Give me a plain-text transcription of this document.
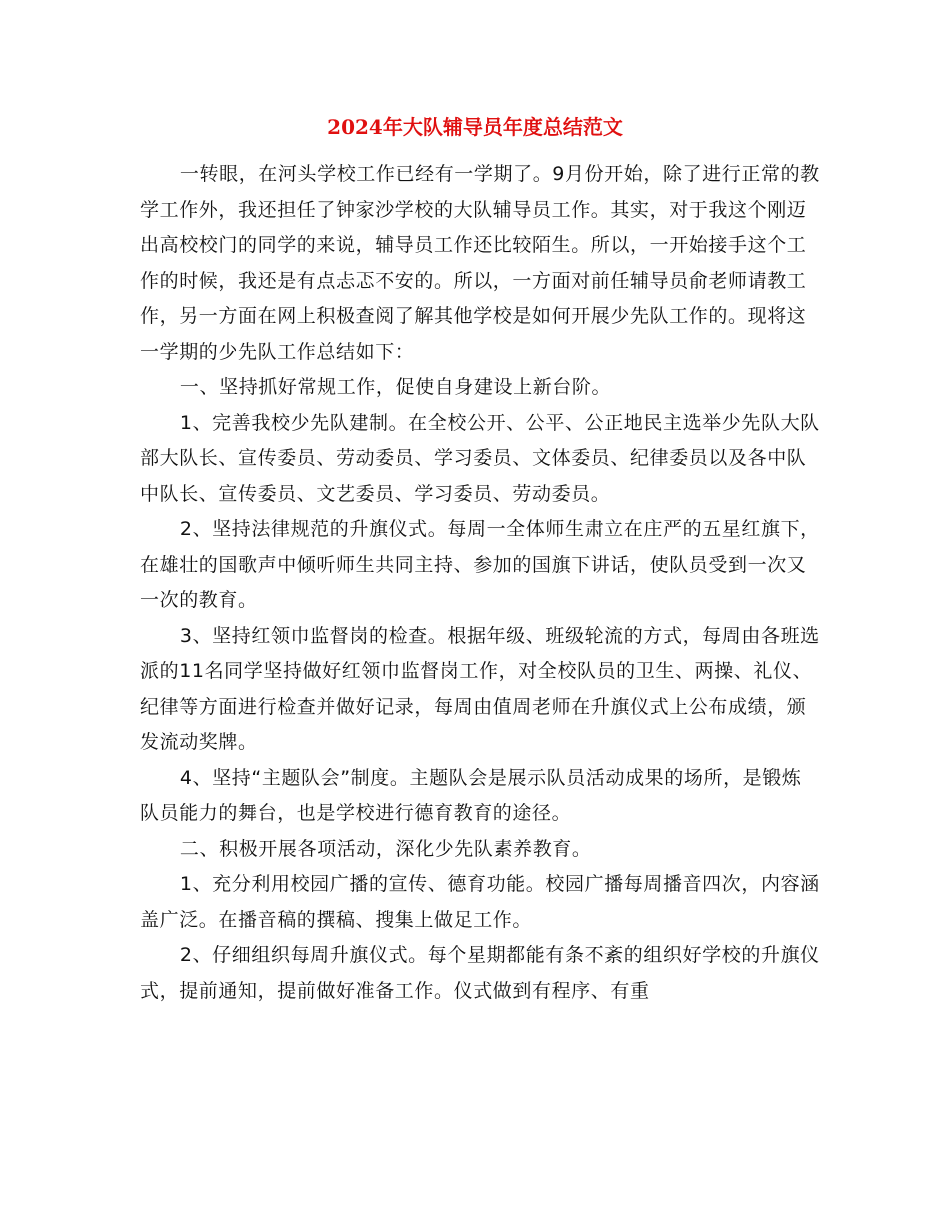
2024年大队辅导员年度总结范文

一转眼，在河头学校工作已经有一学期了。9月份开始，除了进行正常的教学工作外，我还担任了钟家沙学校的大队辅导员工作。其实，对于我这个刚迈出高校校门的同学的来说，辅导员工作还比较陌生。所以，一开始接手这个工作的时候，我还是有点忐忑不安的。所以，一方面对前任辅导员俞老师请教工作，另一方面在网上积极查阅了解其他学校是如何开展少先队工作的。现将这一学期的少先队工作总结如下：

一、坚持抓好常规工作，促使自身建设上新台阶。

1、完善我校少先队建制。在全校公开、公平、公正地民主选举少先队大队部大队长、宣传委员、劳动委员、学习委员、文体委员、纪律委员以及各中队中队长、宣传委员、文艺委员、学习委员、劳动委员。

2、坚持法律规范的升旗仪式。每周一全体师生肃立在庄严的五星红旗下，在雄壮的国歌声中倾听师生共同主持、参加的国旗下讲话，使队员受到一次又一次的教育。

3、坚持红领巾监督岗的检查。根据年级、班级轮流的方式，每周由各班选派的11名同学坚持做好红领巾监督岗工作，对全校队员的卫生、两操、礼仪、纪律等方面进行检查并做好记录，每周由值周老师在升旗仪式上公布成绩，颁发流动奖牌。

4、坚持“主题队会”制度。主题队会是展示队员活动成果的场所，是锻炼队员能力的舞台，也是学校进行德育教育的途径。

二、积极开展各项活动，深化少先队素养教育。

1、充分利用校园广播的宣传、德育功能。校园广播每周播音四次，内容涵盖广泛。在播音稿的撰稿、搜集上做足工作。

2、仔细组织每周升旗仪式。每个星期都能有条不紊的组织好学校的升旗仪式，提前通知，提前做好准备工作。仪式做到有程序、有重
